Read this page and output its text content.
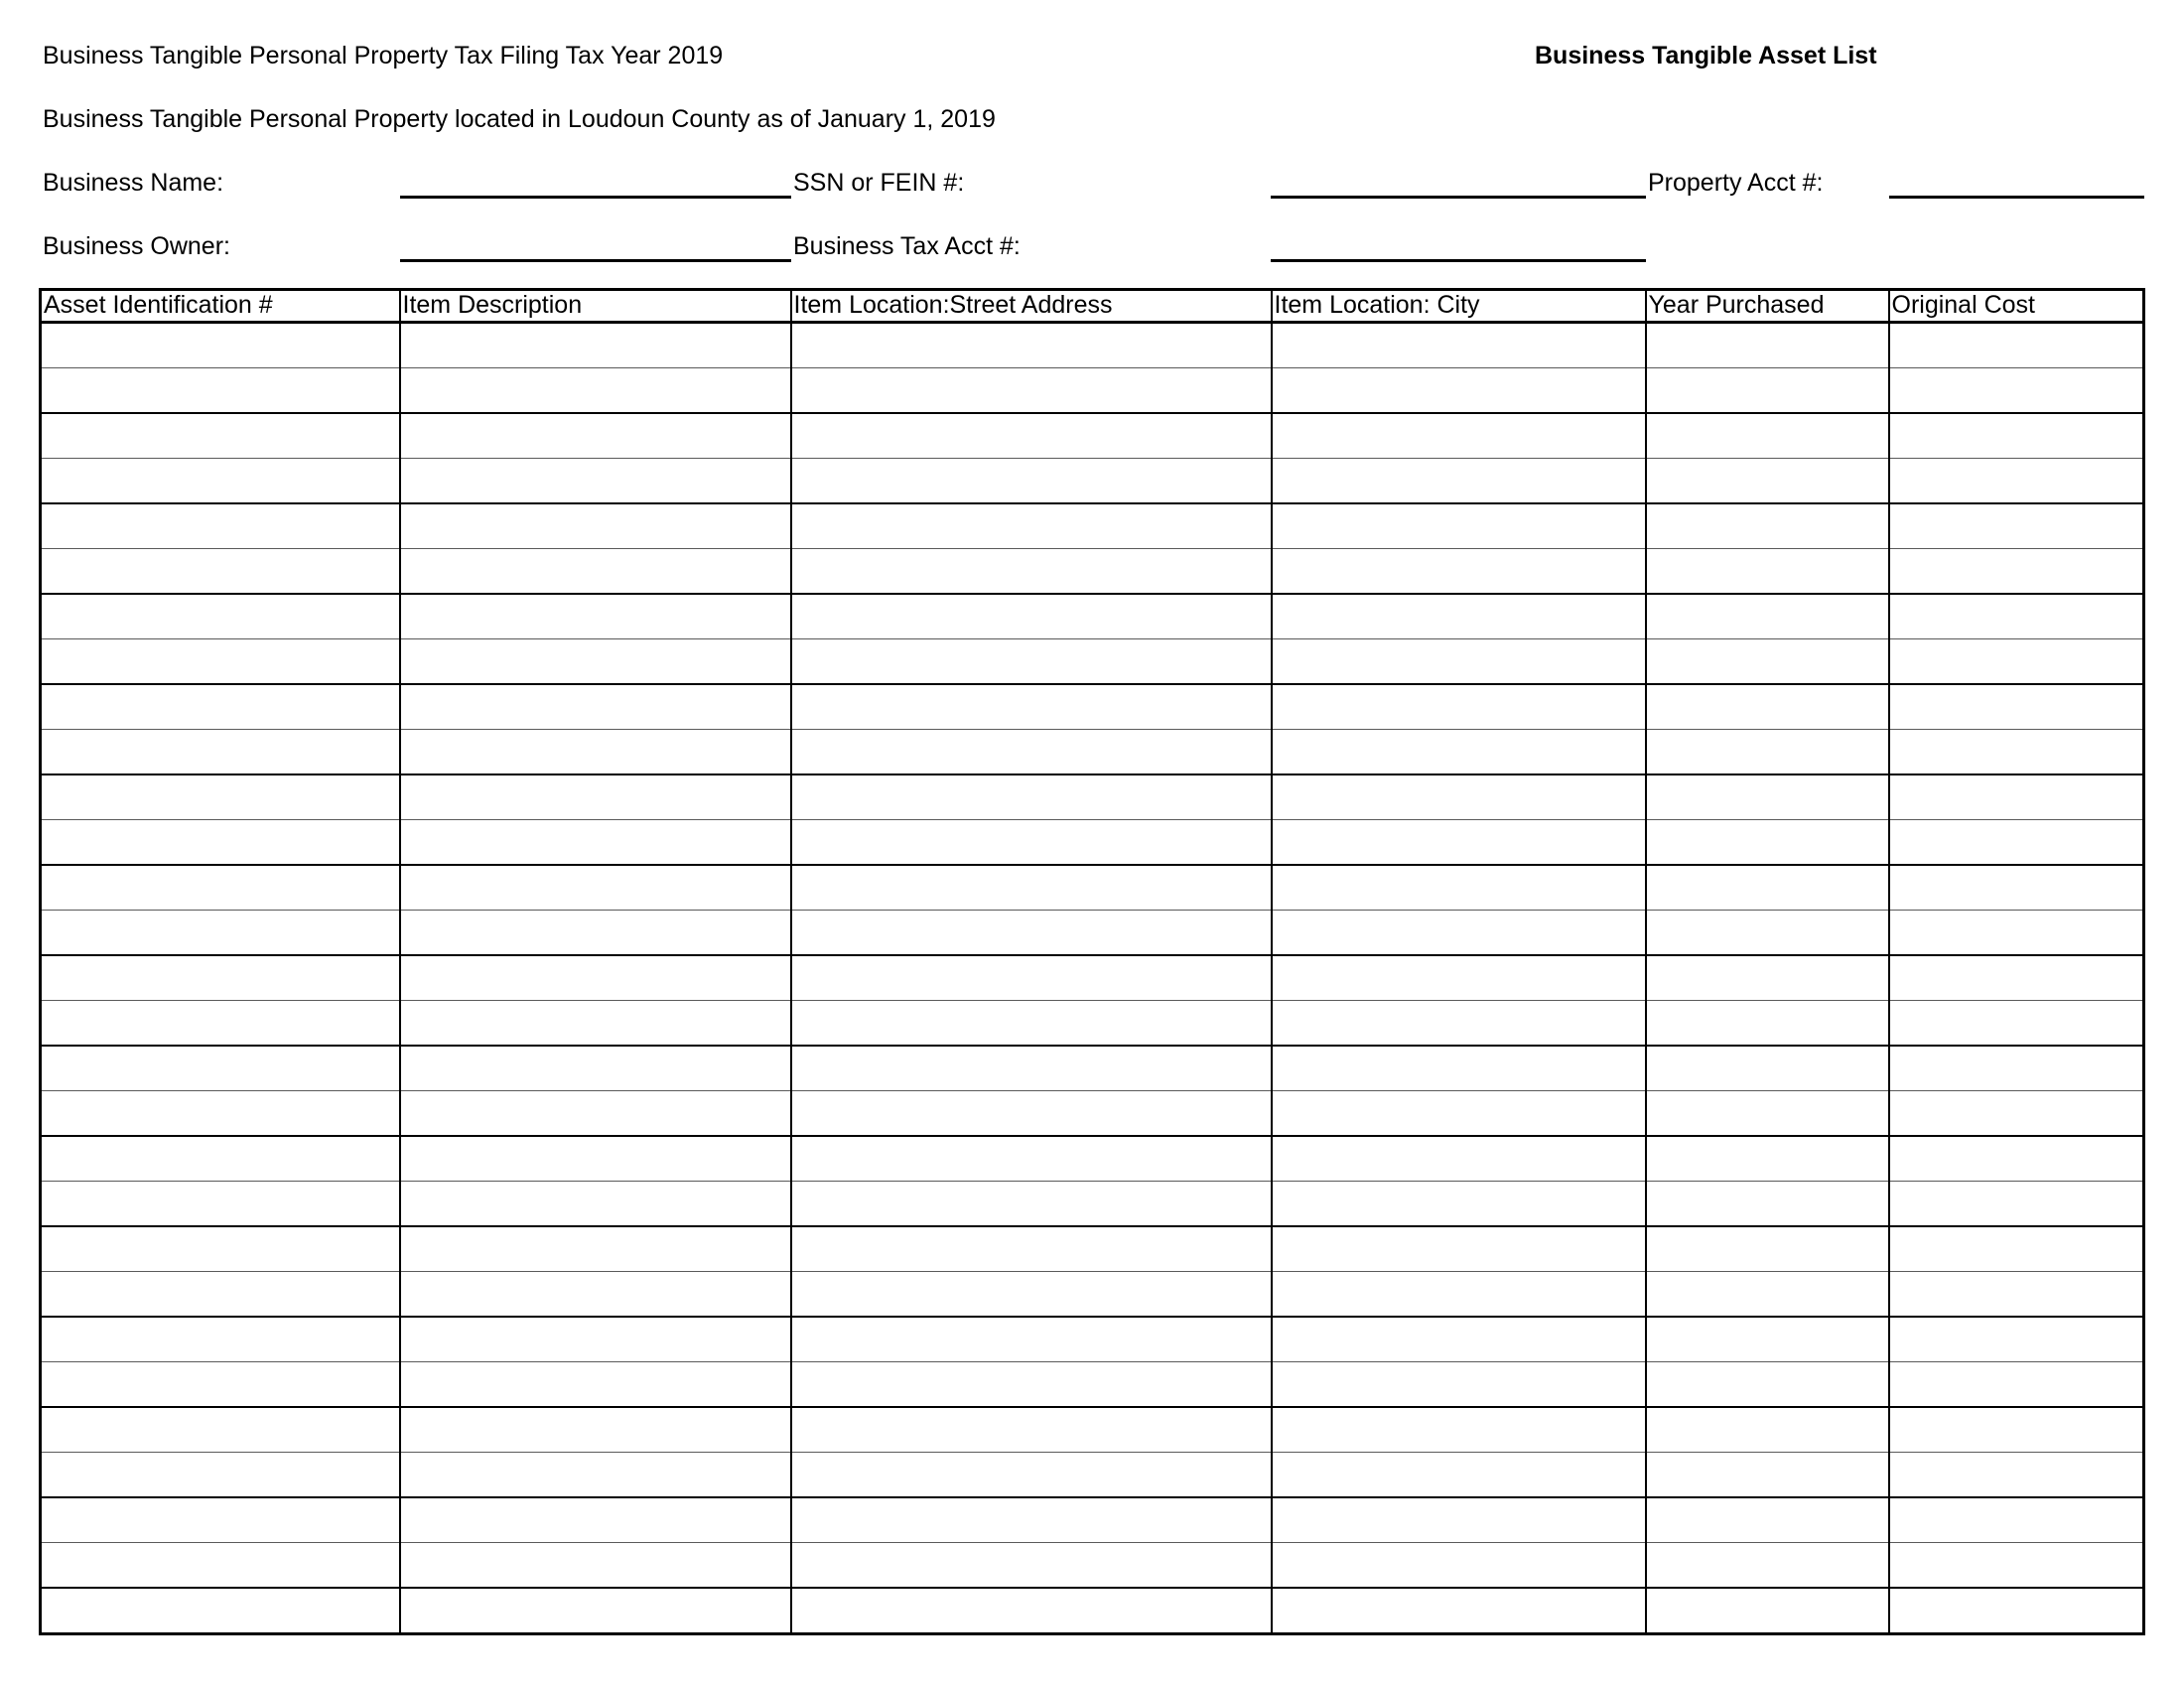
Business Tangible Personal Property Tax Filing Tax Year 2019	Business Tangible Asset List
Business Tangible Personal Property located in Loudoun County as of January 1, 2019
Business Name:	SSN or FEIN #:	Property Acct #:
Business Owner:	Business Tax Acct #:
Asset Identification #	Item Description	Item Location:Street Address	Item Location: City	Year Purchased	Original Cost
